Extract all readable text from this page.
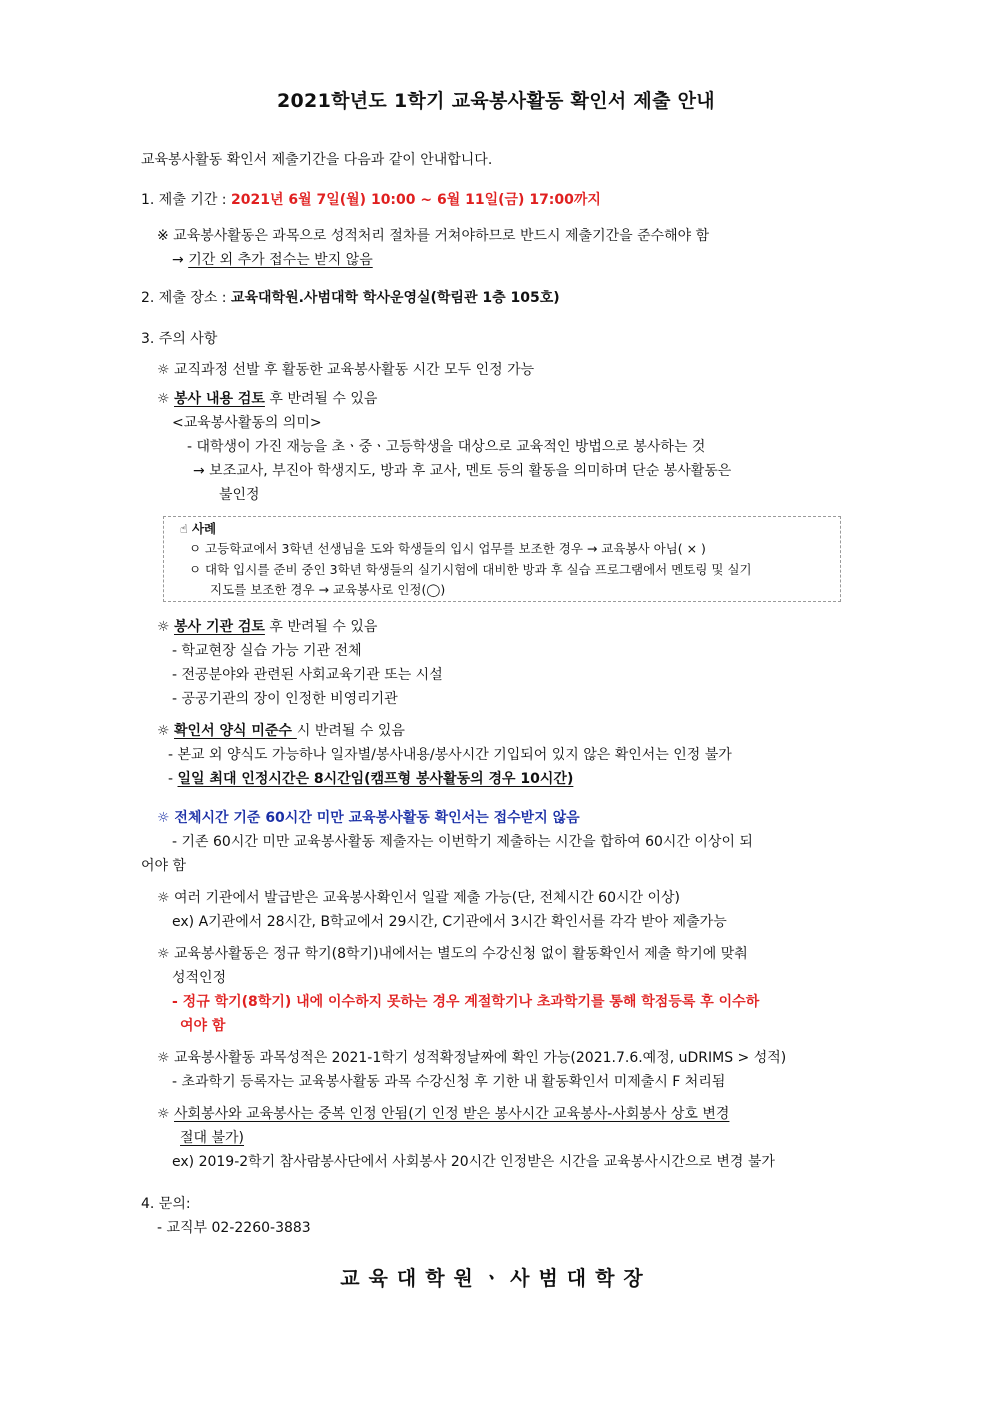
2021학년도 1학기 교육봉사활동 확인서 제출 안내
교육봉사활동 확인서 제출기간을 다음과 같이 안내합니다.
1. 제출 기간 : 2021년 6월 7일(월) 10:00 ~ 6월 11일(금) 17:00까지
※ 교육봉사활동은 과목으로 성적처리 절차를 거쳐야하므로 반드시 제출기간을 준수해야 함
→ 기간 외 추가 접수는 받지 않음
2. 제출 장소 : 교육대학원.사범대학 학사운영실(학림관 1층 105호)
3. 주의 사항
☼ 교직과정 선발 후 활동한 교육봉사활동 시간 모두 인정 가능
☼ 봉사 내용 검토 후 반려될 수 있음
<교육봉사활동의 의미>
- 대학생이 가진 재능을 초ㆍ중ㆍ고등학생을 대상으로 교육적인 방법으로 봉사하는 것
→ 보조교사, 부진아 학생지도, 방과 후 교사, 멘토 등의 활동을 의미하며 단순 봉사활동은
불인정
☝ 사례
ㅇ 고등학교에서 3학년 선생님을 도와 학생들의 입시 업무를 보조한 경우 → 교육봉사 아님( × )
ㅇ 대학 입시를 준비 중인 3학년 학생들의 실기시험에 대비한 방과 후 실습 프로그램에서 멘토링 및 실기
지도를 보조한 경우 → 교육봉사로 인정(◯)
☼ 봉사 기관 검토 후 반려될 수 있음
- 학교현장 실습 가능 기관 전체
- 전공분야와 관련된 사회교육기관 또는 시설
- 공공기관의 장이 인정한 비영리기관
☼ 확인서 양식 미준수 시 반려될 수 있음
- 본교 외 양식도 가능하나 일자별/봉사내용/봉사시간 기입되어 있지 않은 확인서는 인정 불가
- 일일 최대 인정시간은 8시간임(캠프형 봉사활동의 경우 10시간)
☼ 전체시간 기준 60시간 미만 교육봉사활동 확인서는 접수받지 않음
- 기존 60시간 미만 교육봉사활동 제출자는 이번학기 제출하는 시간을 합하여 60시간 이상이 되
어야 함
☼ 여러 기관에서 발급받은 교육봉사확인서 일괄 제출 가능(단, 전체시간 60시간 이상)
ex) A기관에서 28시간, B학교에서 29시간, C기관에서 3시간 확인서를 각각 받아 제출가능
☼ 교육봉사활동은 정규 학기(8학기)내에서는 별도의 수강신청 없이 활동확인서 제출 학기에 맞춰
성적인정
- 정규 학기(8학기) 내에 이수하지 못하는 경우 계절학기나 초과학기를 통해 학점등록 후 이수하
여야 함
☼ 교육봉사활동 과목성적은 2021-1학기 성적확정날짜에 확인 가능(2021.7.6.예정, uDRIMS > 성적)
- 초과학기 등록자는 교육봉사활동 과목 수강신청 후 기한 내 활동확인서 미제출시 F 처리됨
☼ 사회봉사와 교육봉사는 중복 인정 안됨(기 인정 받은 봉사시간 교육봉사-사회봉사 상호 변경
절대 불가)
ex) 2019-2학기 참사람봉사단에서 사회봉사 20시간 인정받은 시간을 교육봉사시간으로 변경 불가
4. 문의:
- 교직부 02-2260-3883
교육대학원ㆍ사범대학장
